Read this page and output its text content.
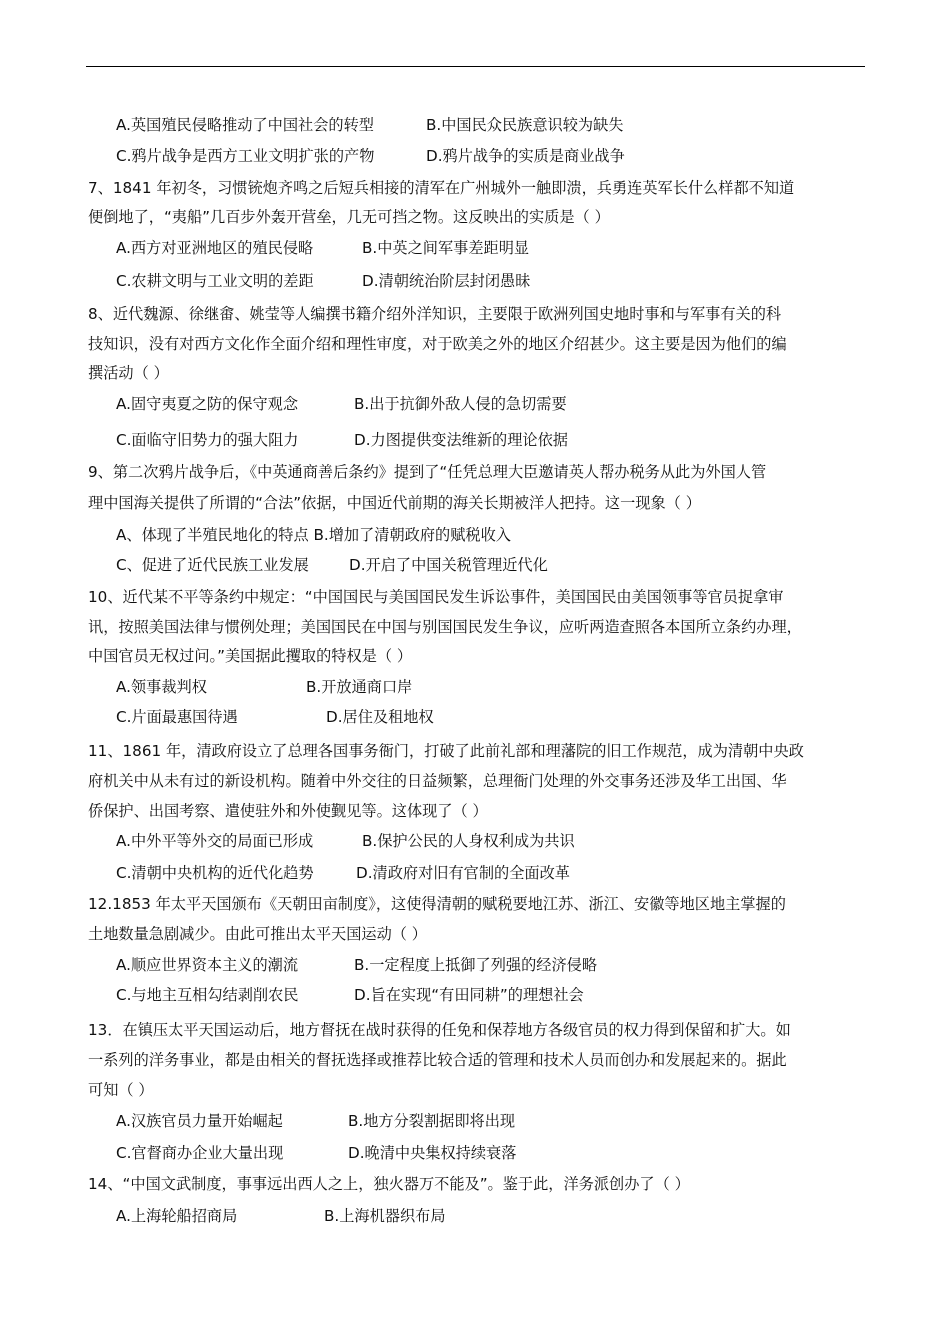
A.英国殖民侵略推动了中国社会的转型	B.中国民众民族意识较为缺失
C.鸦片战争是西方工业文明扩张的产物	D.鸦片战争的实质是商业战争
7、1841 年初冬，习惯铳炮齐鸣之后短兵相接的清军在广州城外一触即溃，兵勇连英军长什么样都不知道
便倒地了，“夷船”几百步外轰开营垒，几无可挡之物。这反映出的实质是（ ）
A.西方对亚洲地区的殖民侵略	B.中英之间军事差距明显
C.农耕文明与工业文明的差距	D.清朝统治阶层封闭愚昧
8、近代魏源、徐继畬、姚莹等人编撰书籍介绍外洋知识，主要限于欧洲列国史地时事和与军事有关的科
技知识，没有对西方文化作全面介绍和理性审度，对于欧美之外的地区介绍甚少。这主要是因为他们的编
撰活动（ ）
A.固守夷夏之防的保守观念	B.出于抗御外敌人侵的急切需要
C.面临守旧势力的强大阻力	D.力图提供变法维新的理论依据
9、第二次鸦片战争后，《中英通商善后条约》提到了“任凭总理大臣邀请英人帮办税务从此为外国人管
理中国海关提供了所谓的“合法”依据，中国近代前期的海关长期被洋人把持。这一现象（ ）
A、体现了半殖民地化的特点 B.增加了清朝政府的赋税收入
C、促进了近代民族工业发展	D.开启了中国关税管理近代化
10、近代某不平等条约中规定：“中国国民与美国国民发生诉讼事件，美国国民由美国领事等官员捉拿审
讯，按照美国法律与惯例处理；美国国民在中国与别国国民发生争议，应听两造查照各本国所立条约办理，
中国官员无权过问。”美国据此攫取的特权是（ ）
A.领事裁判权	B.开放通商口岸
C.片面最惠国待遇	D.居住及租地权
11、1861 年，清政府设立了总理各国事务衙门，打破了此前礼部和理藩院的旧工作规范，成为清朝中央政
府机关中从未有过的新设机构。随着中外交往的日益频繁，总理衙门处理的外交事务还涉及华工出国、华
侨保护、出国考察、遣使驻外和外使觐见等。这体现了（ ）
A.中外平等外交的局面已形成	B.保护公民的人身权利成为共识
C.清朝中央机构的近代化趋势	D.清政府对旧有官制的全面改革
12.1853 年太平天国颁布《天朝田亩制度》，这使得清朝的赋税要地江苏、浙江、安徽等地区地主掌握的
土地数量急剧减少。由此可推出太平天国运动（ ）
A.顺应世界资本主义的潮流	B.一定程度上抵御了列强的经济侵略
C.与地主互相勾结剥削农民	D.旨在实现“有田同耕”的理想社会
13．在镇压太平天国运动后，地方督抚在战时获得的任免和保荐地方各级官员的权力得到保留和扩大。如
一系列的洋务事业，都是由相关的督抚选择或推荐比较合适的管理和技术人员而创办和发展起来的。据此
可知（ ）
A.汉族官员力量开始崛起	B.地方分裂割据即将出现
C.官督商办企业大量出现	D.晚清中央集权持续衰落
14、“中国文武制度，事事远出西人之上，独火器万不能及”。鉴于此，洋务派创办了（ ）
A.上海轮船招商局	B.上海机器织布局
